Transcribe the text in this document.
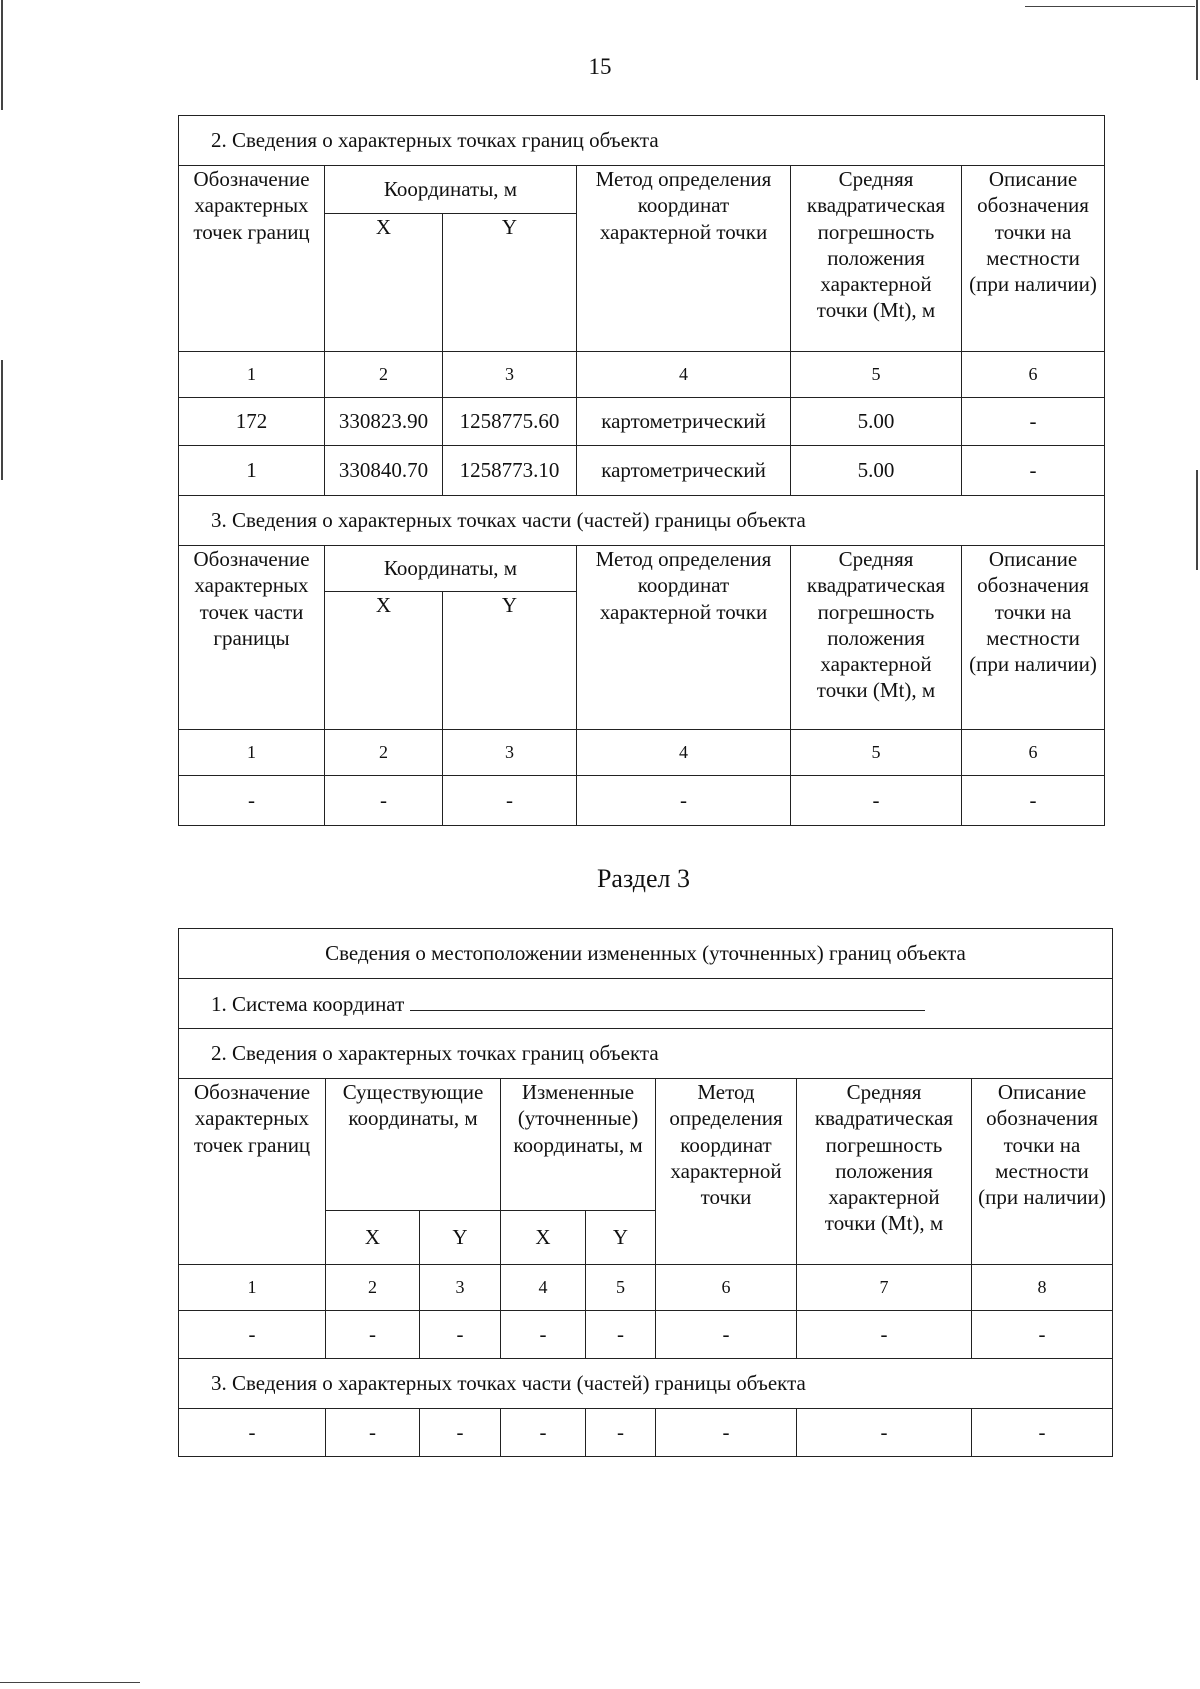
15
2. Сведения о характерных точках границ объекта					
Обозначение характерных точек границ	Координаты, м		Метод определения координат характерной точки	Средняя квадратическая погрешность положения характерной точки (Mt), м	Описание обозначения точки на местности (при наличии)
	X	Y			
1	2	3	4	5	6
172	330823.90	1258775.60	картометрический	5.00	-
1	330840.70	1258773.10	картометрический	5.00	-
3. Сведения о характерных точках части (частей) границы объекта					
Обозначение характерных точек части границы	Координаты, м		Метод определения координат характерной точки	Средняя квадратическая погрешность положения характерной точки (Mt), м	Описание обозначения точки на местности (при наличии)
	X	Y			
1	2	3	4	5	6
-	-	-	-	-	-
Раздел 3
Сведения о местоположении измененных (уточненных) границ объекта							
1. Система координат							
2. Сведения о характерных точках границ объекта							
Обозначение характерных точек границ	Существующие координаты, м		Измененные (уточненные) координаты, м		Метод определения координат характерной точки	Средняя квадратическая погрешность положения характерной точки (Mt), м	Описание обозначения точки на местности (при наличии)
	X	Y	X	Y			
1	2	3	4	5	6	7	8
-	-	-	-	-	-	-	-
3. Сведения о характерных точках части (частей) границы объекта							
-	-	-	-	-	-	-	-
